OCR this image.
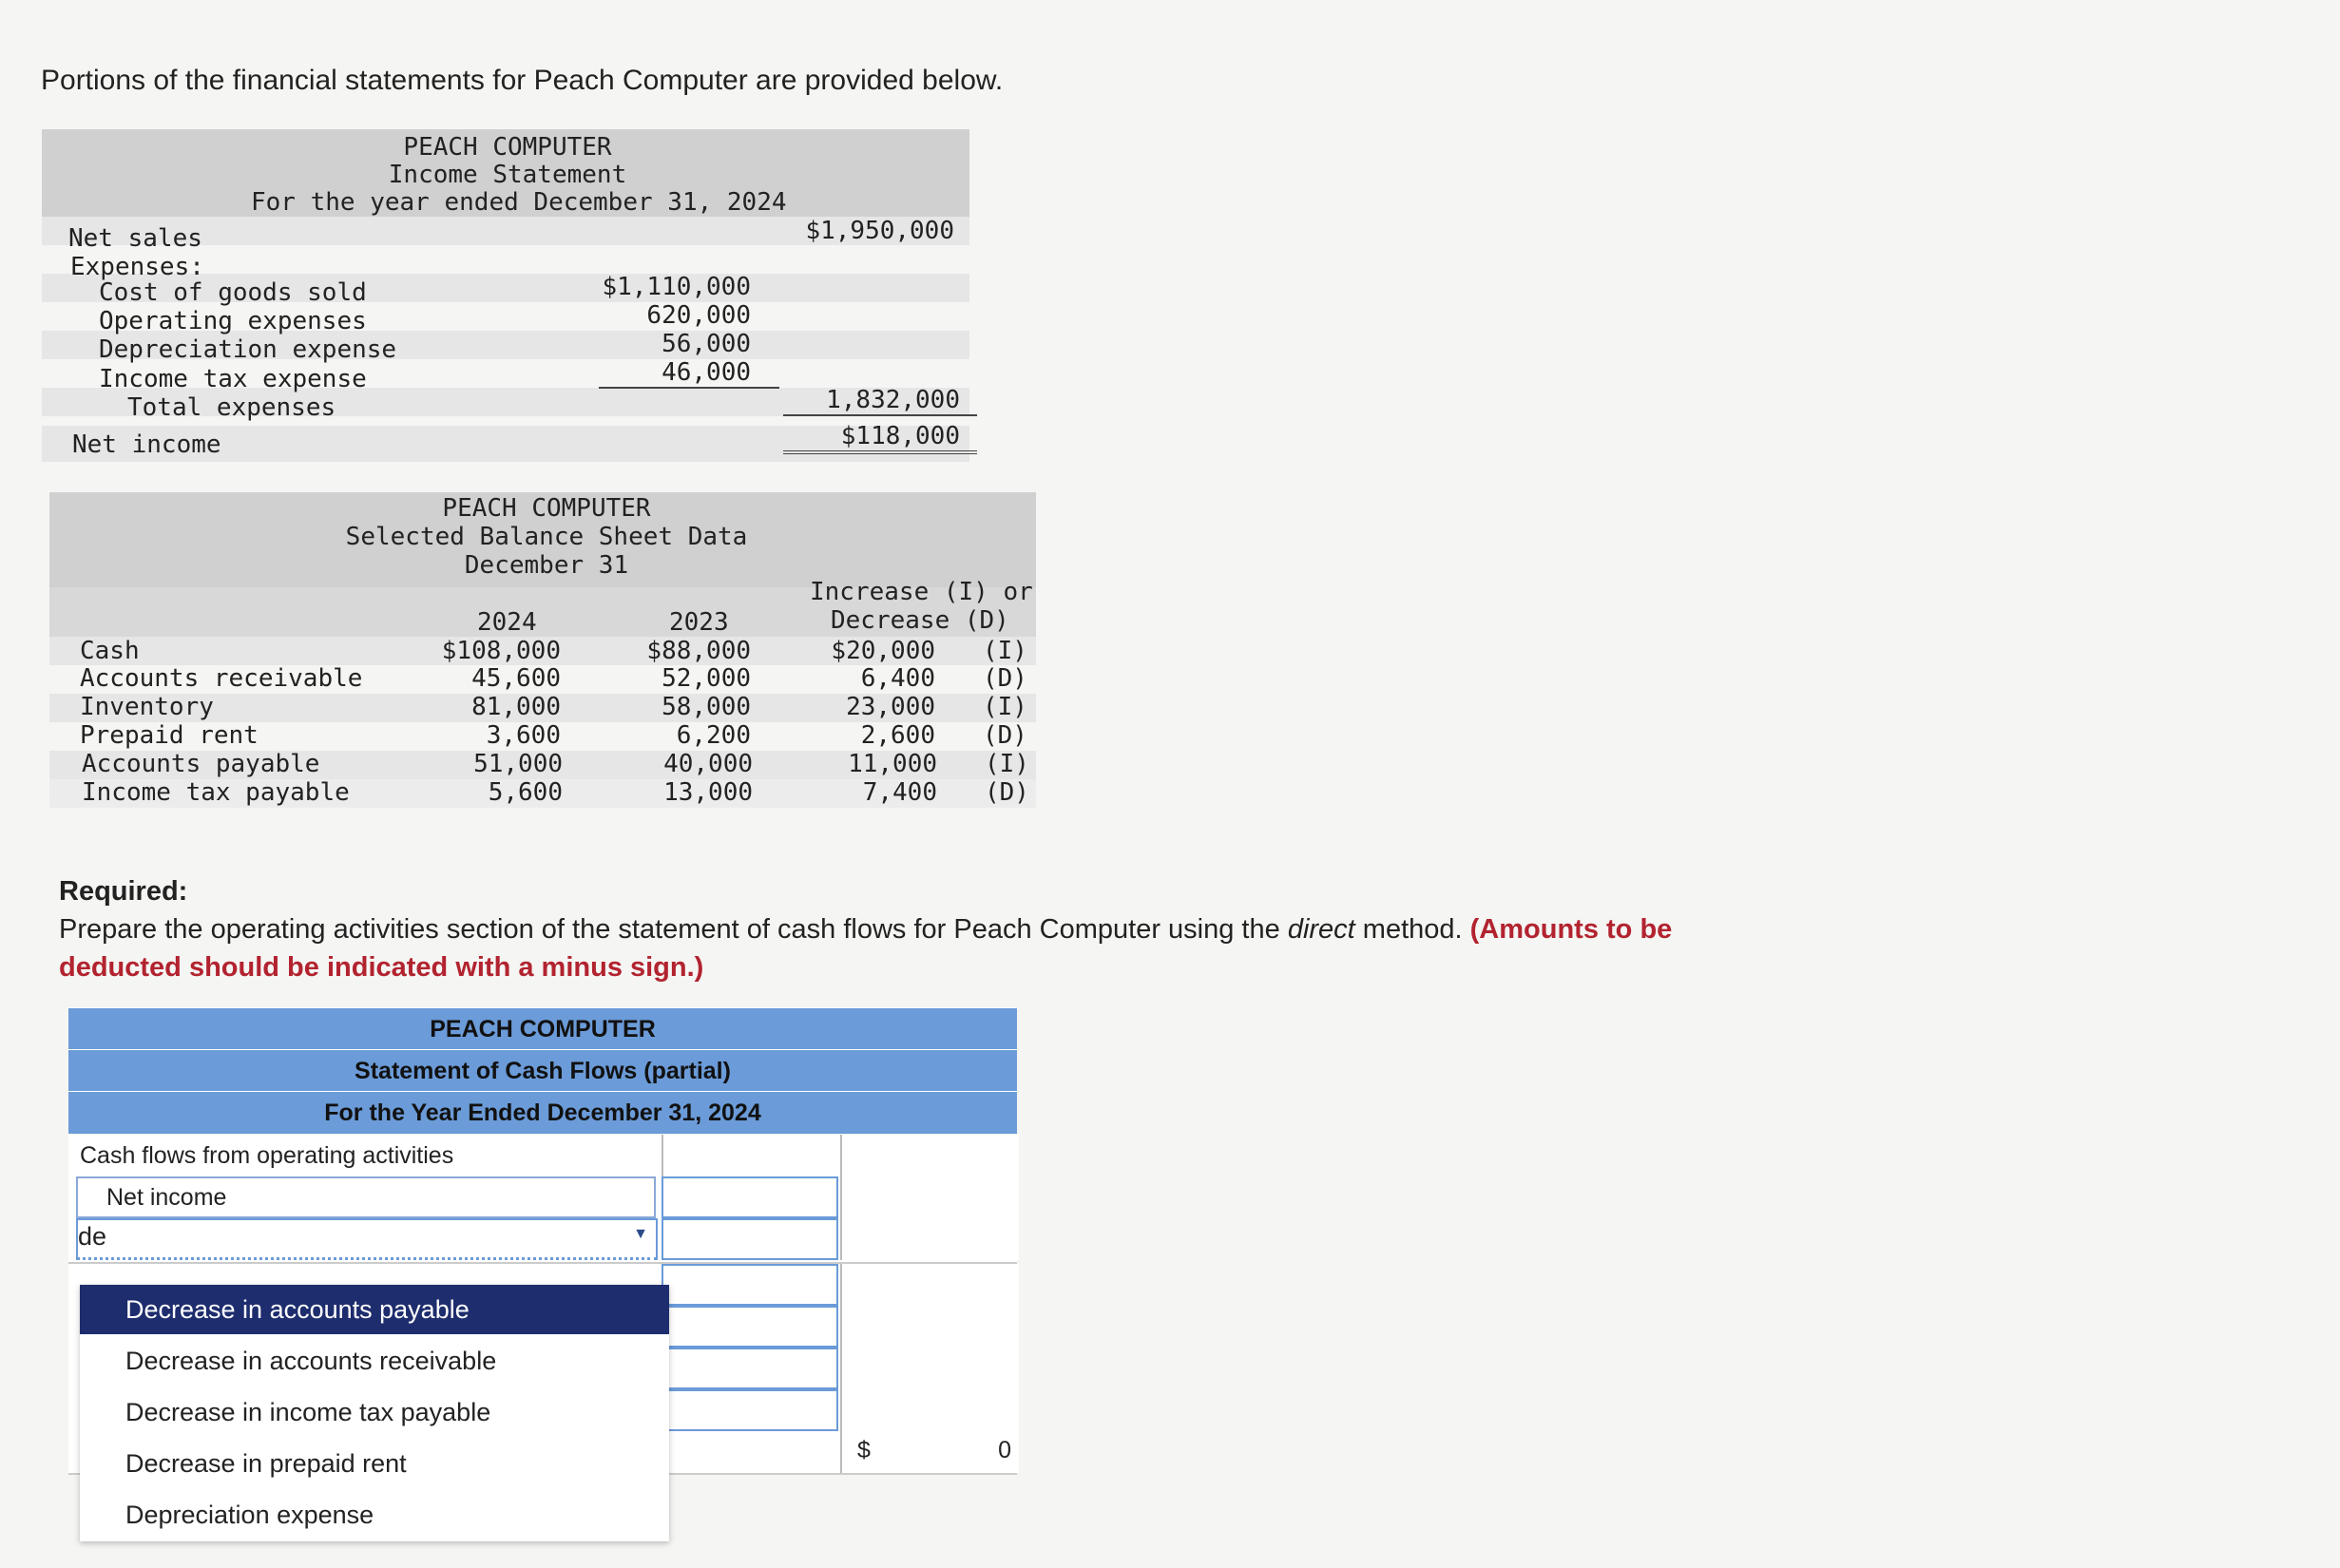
Portions of the financial statements for Peach Computer are provided below.
PEACH COMPUTER
Income Statement
For the year ended December 31, 2024
Net sales	$1,950,000
Expenses:
Cost of goods sold	$1,110,000
Operating expenses	620,000
Depreciation expense	56,000
Income tax expense	46,000
Total expenses	1,832,000
Net income	$118,000
PEACH COMPUTER
Selected Balance Sheet Data
December 31
Increase (I) or
Decrease (D)
2024	2023
Cash	$108,000	$88,000	$20,000 (I)
Accounts receivable	45,600	52,000	6,400 (D)
Inventory	81,000	58,000	23,000 (I)
Prepaid rent	3,600	6,200	2,600 (D)
Accounts payable	51,000	40,000	11,000 (I)
Income tax payable	5,600	13,000	7,400 (D)
Required:
Prepare the operating activities section of the statement of cash flows for Peach Computer using the direct method. (Amounts to be deducted should be indicated with a minus sign.)
PEACH COMPUTER
Statement of Cash Flows (partial)
For the Year Ended December 31, 2024
Cash flows from operating activities
Net income
de	▼
$	0
Decrease in accounts payable
Decrease in accounts receivable
Decrease in income tax payable
Decrease in prepaid rent
Depreciation expense
